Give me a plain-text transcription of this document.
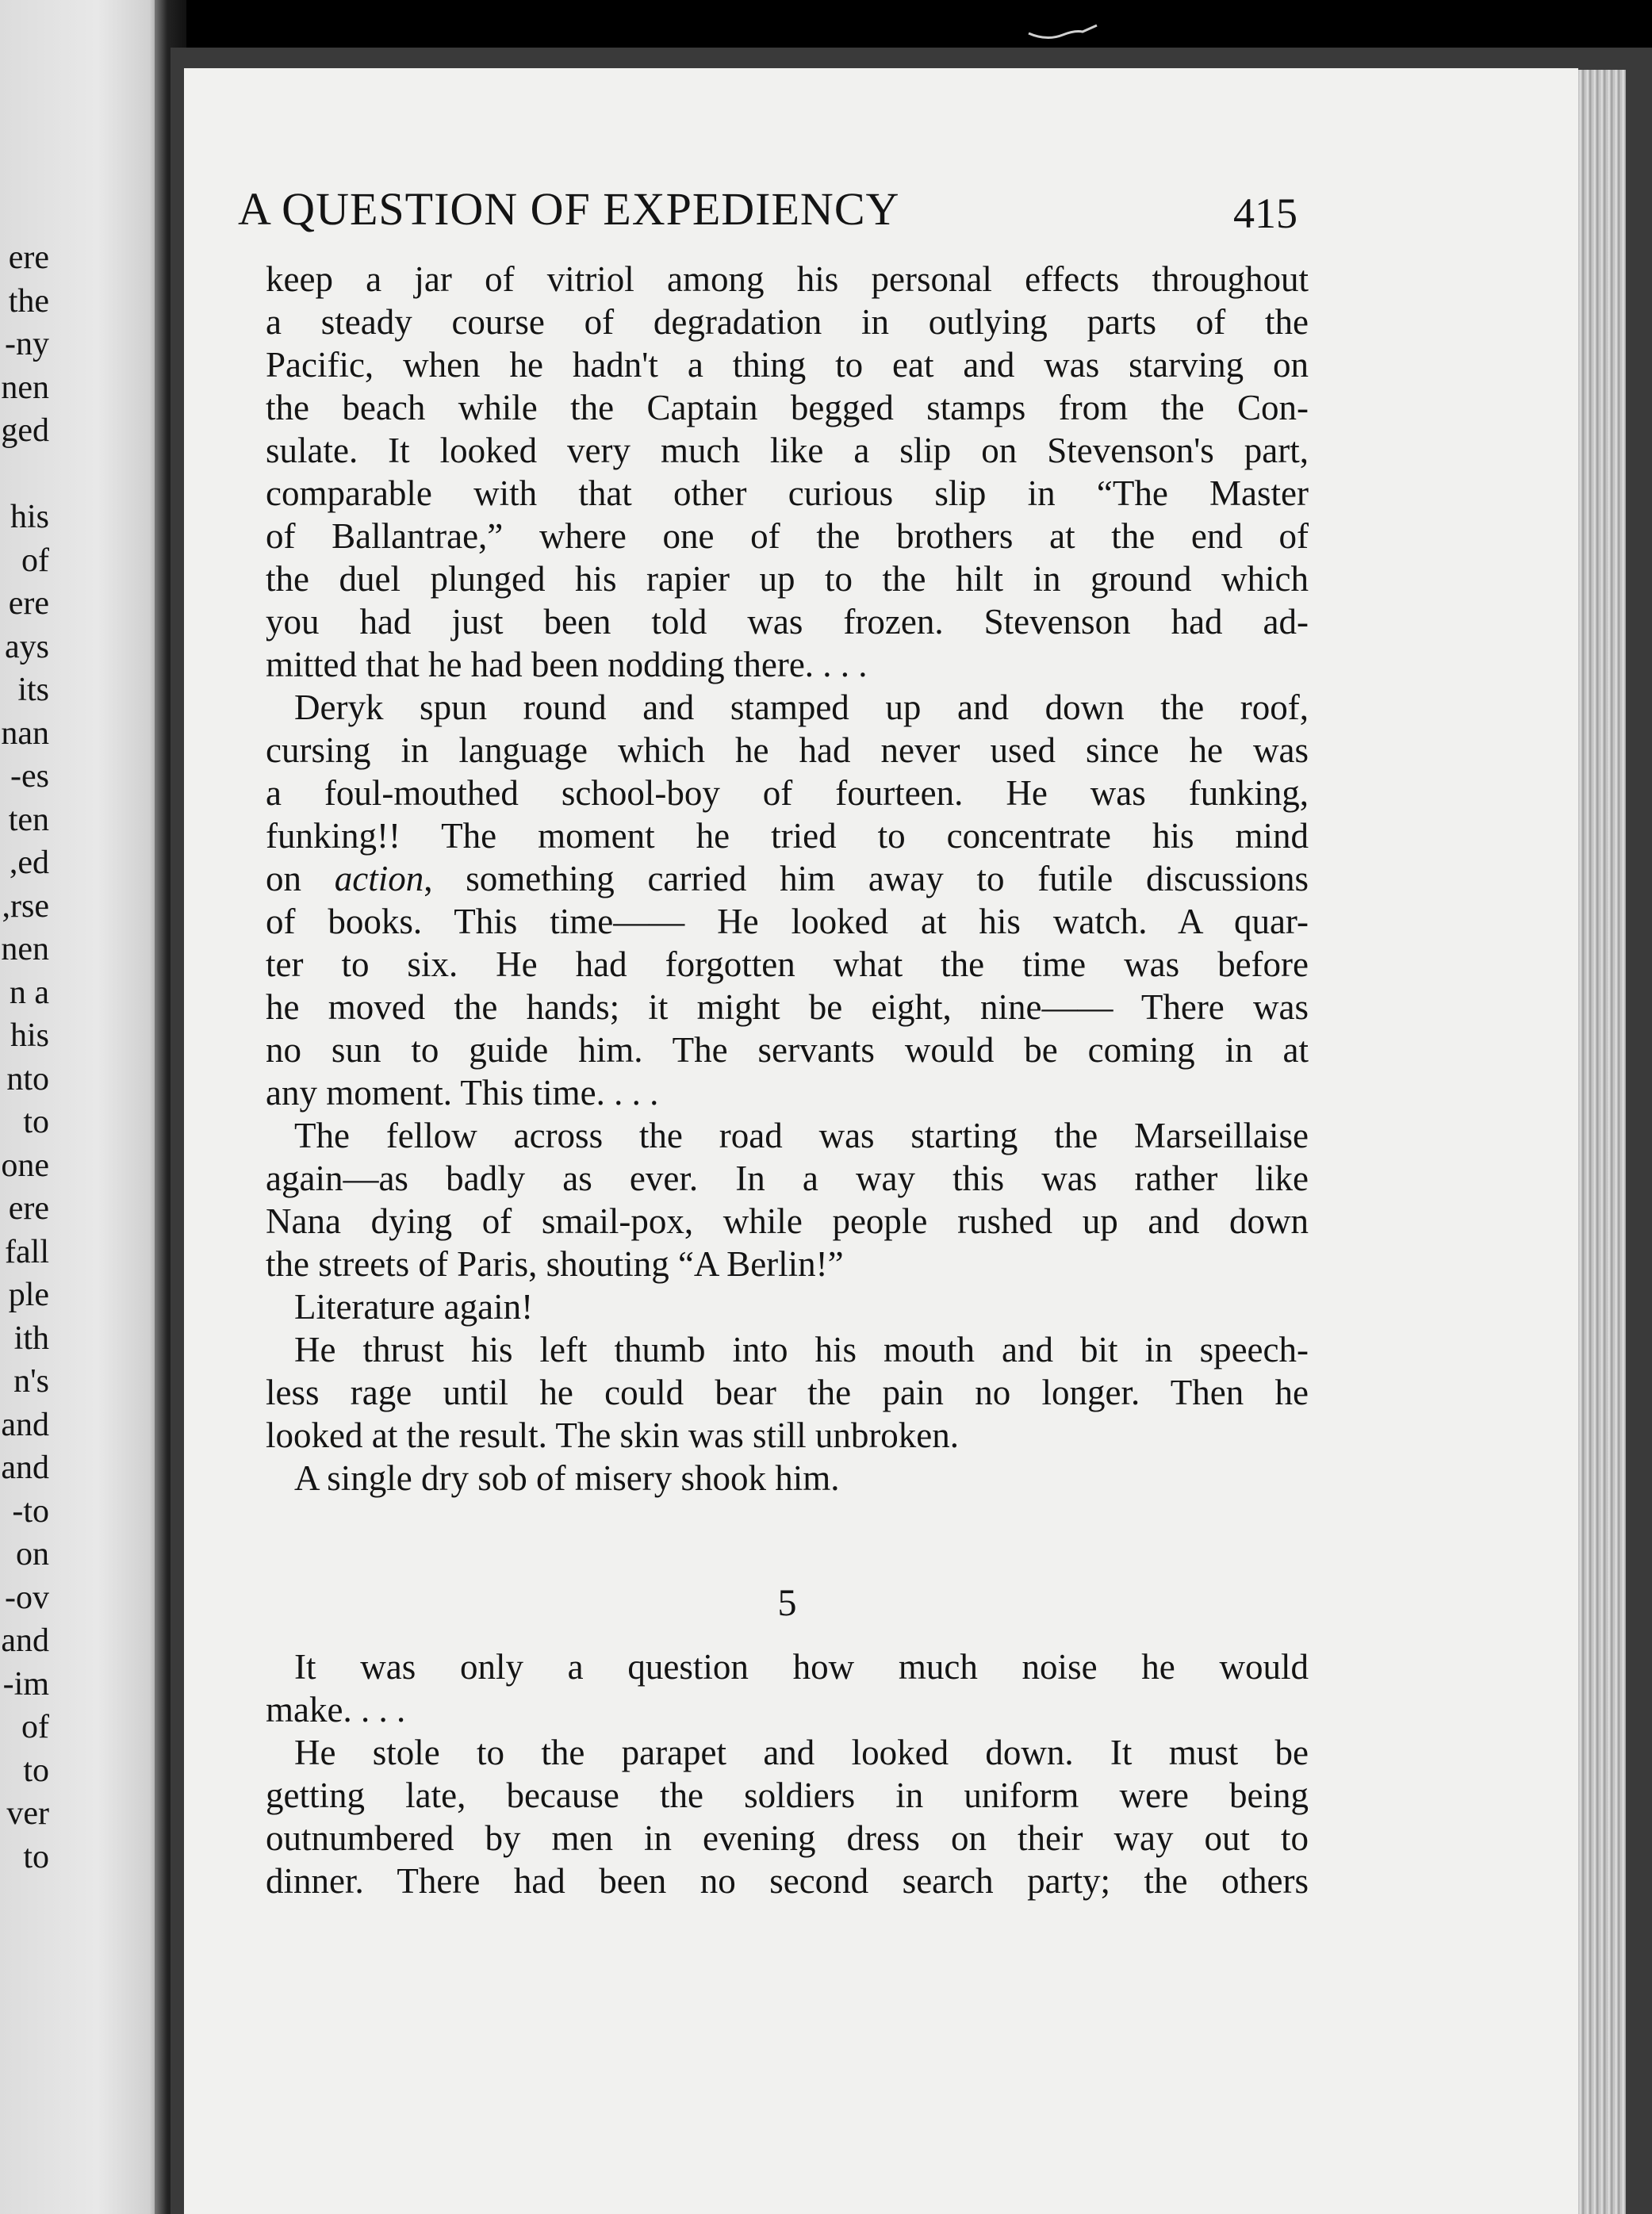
ere
the
ny-
nen
ged
his
of
ere
ays
its
nan
es-
ten
ed,
rse,
nen
n a
his
nto
to
one
ere
fall
ple
ith
n's
and
and
to-
on
ov-
and
im-
of
to
ver
to
A QUESTION OF EXPEDIENCY	415
keep a jar of vitriol among his personal effects throughout
a steady course of degradation in outlying parts of the
Pacific, when he hadn't a thing to eat and was starving on
the beach while the Captain begged stamps from the Con-
sulate. It looked very much like a slip on Stevenson's part,
comparable with that other curious slip in “The Master
of Ballantrae,” where one of the brothers at the end of
the duel plunged his rapier up to the hilt in ground which
you had just been told was frozen. Stevenson had ad-
mitted that he had been nodding there. . . .
Deryk spun round and stamped up and down the roof,
cursing in language which he had never used since he was
a foul-mouthed school-boy of fourteen. He was funking,
funking!! The moment he tried to concentrate his mind
on action, something carried him away to futile discussions
of books. This time—— He looked at his watch. A quar-
ter to six. He had forgotten what the time was before
he moved the hands; it might be eight, nine—— There was
no sun to guide him. The servants would be coming in at
any moment. This time. . . .
The fellow across the road was starting the Marseillaise
again—as badly as ever. In a way this was rather like
Nana dying of smail-pox, while people rushed up and down
the streets of Paris, shouting “A Berlin!”
Literature again!
He thrust his left thumb into his mouth and bit in speech-
less rage until he could bear the pain no longer. Then he
looked at the result. The skin was still unbroken.
A single dry sob of misery shook him.
5
It was only a question how much noise he would
make. . . .
He stole to the parapet and looked down. It must be
getting late, because the soldiers in uniform were being
outnumbered by men in evening dress on their way out to
dinner. There had been no second search party; the others
